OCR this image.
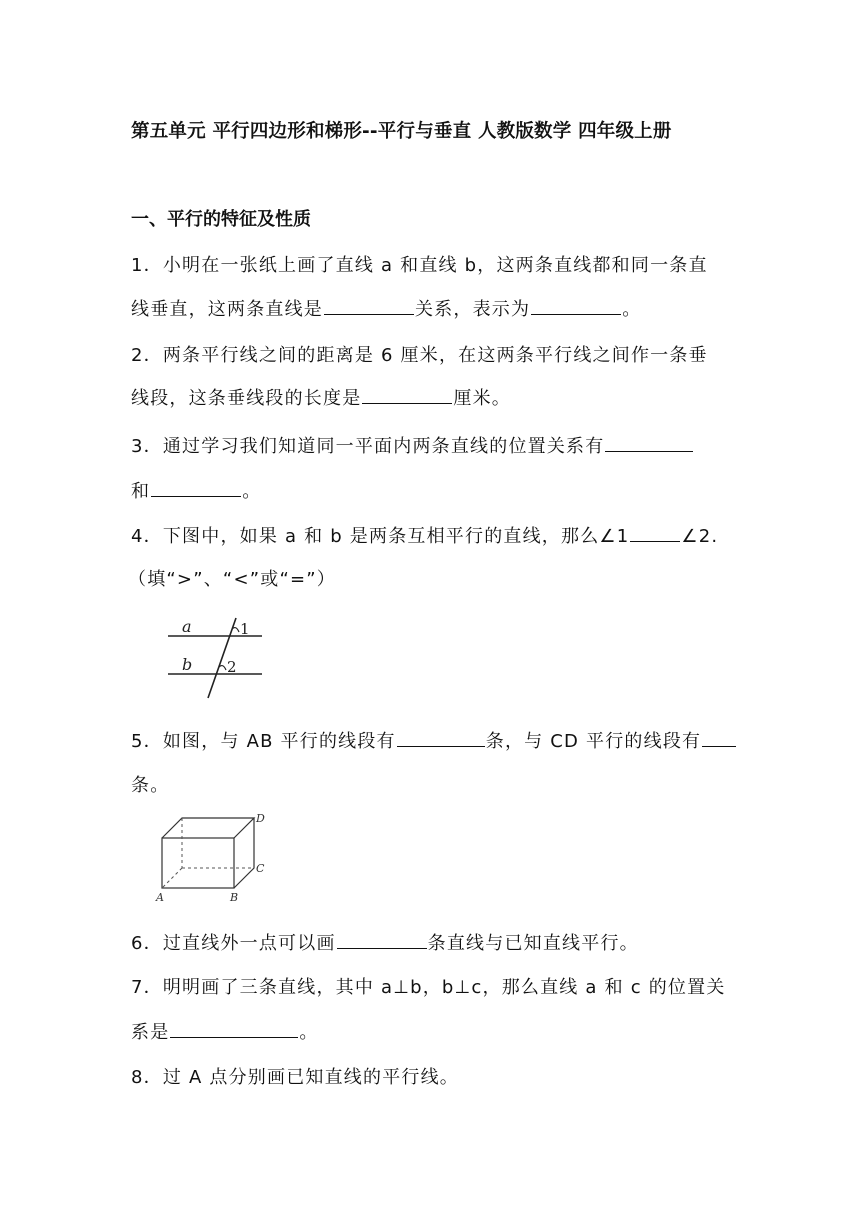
第五单元 平行四边形和梯形--平行与垂直 人教版数学 四年级上册
一、平行的特征及性质
1．小明在一张纸上画了直线 a 和直线 b，这两条直线都和同一条直
线垂直，这两条直线是	关系，表示为	。
2．两条平行线之间的距离是 6 厘米，在这两条平行线之间作一条垂
线段，这条垂线段的长度是	厘米。
3．通过学习我们知道同一平面内两条直线的位置关系有
和	。
4．下图中，如果 a 和 b 是两条互相平行的直线，那么∠1	∠2.
（填“>”、“<”或“=”）
a
b
1
2
5．如图，与 AB 平行的线段有	条，与 CD 平行的线段有
条。
A	B
C
D
6．过直线外一点可以画	条直线与已知直线平行。
7．明明画了三条直线，其中 a⊥b，b⊥c，那么直线 a 和 c 的位置关
系是	。
8．过 A 点分别画已知直线的平行线。
